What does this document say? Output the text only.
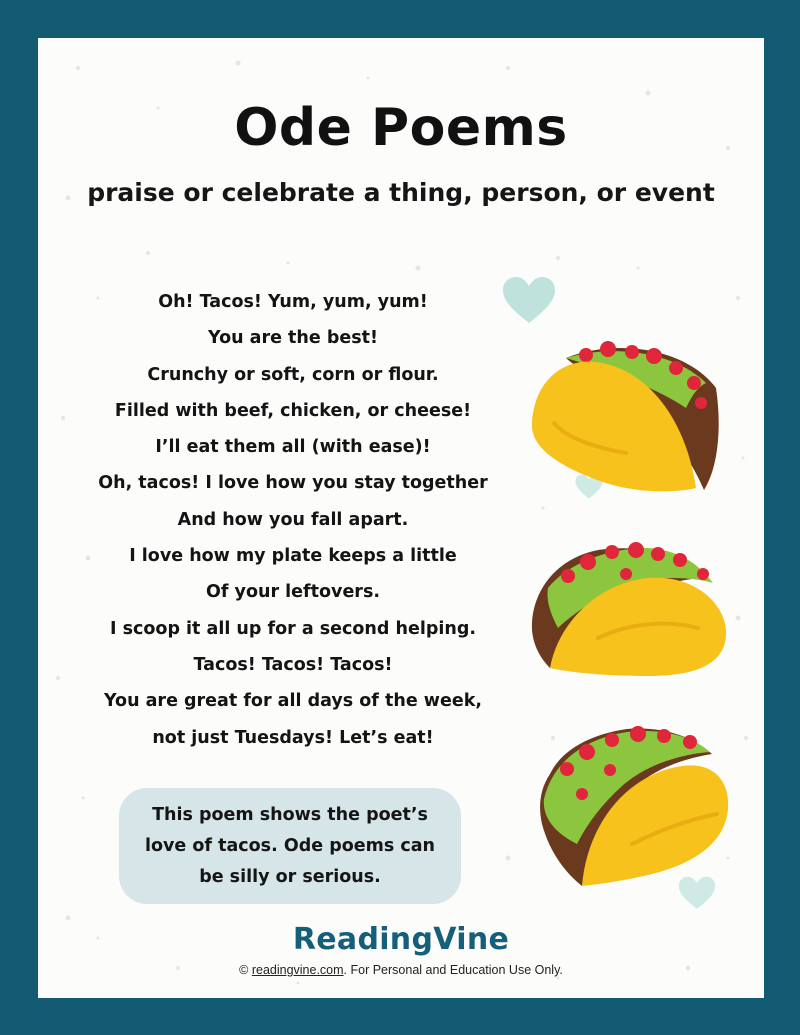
Ode Poems
praise or celebrate a thing, person, or event
Oh! Tacos! Yum, yum, yum!
You are the best!
Crunchy or soft, corn or flour.
Filled with beef, chicken, or cheese!
I’ll eat them all (with ease)!
Oh, tacos! I love how you stay together
And how you fall apart.
I love how my plate keeps a little
Of your leftovers.
I scoop it all up for a second helping.
Tacos! Tacos! Tacos!
You are great for all days of the week,
not just Tuesdays! Let’s eat!
This poem shows the poet’s
love of tacos. Ode poems can
be silly or serious.
ReadingVine
© readingvine.com. For Personal and Education Use Only.
